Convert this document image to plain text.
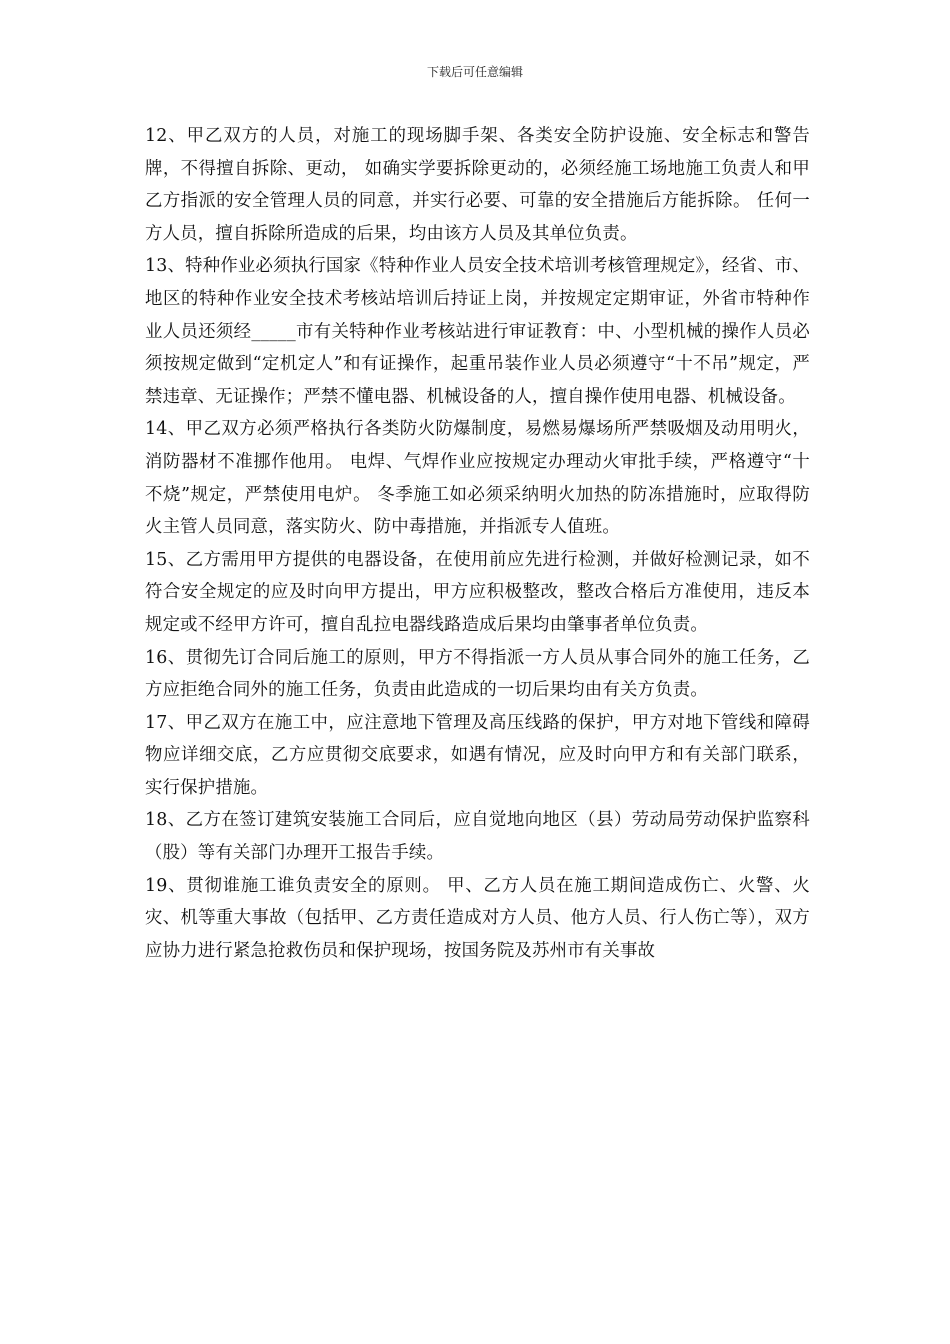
下载后可任意编辑

12、甲乙双方的人员，对施工的现场脚手架、各类安全防护设施、安全标志和警告牌，不得擅自拆除、更动， 如确实学要拆除更动的，必须经施工场地施工负责人和甲乙方指派的安全管理人员的同意，并实行必要、可靠的安全措施后方能拆除。 任何一方人员，擅自拆除所造成的后果，均由该方人员及其单位负责。

13、特种作业必须执行国家《特种作业人员安全技术培训考核管理规定》，经省、市、地区的特种作业安全技术考核站培训后持证上岗，并按规定定期审证，外省市特种作业人员还须经_____市有关特种作业考核站进行审证教育：中、小型机械的操作人员必须按规定做到“定机定人”和有证操作，起重吊装作业人员必须遵守“十不吊”规定，严禁违章、无证操作；严禁不懂电器、机械设备的人，擅自操作使用电器、机械设备。

14、甲乙双方必须严格执行各类防火防爆制度，易燃易爆场所严禁吸烟及动用明火，消防器材不准挪作他用。 电焊、气焊作业应按规定办理动火审批手续，严格遵守“十不烧”规定，严禁使用电炉。 冬季施工如必须采纳明火加热的防冻措施时，应取得防火主管人员同意，落实防火、防中毒措施，并指派专人值班。

15、乙方需用甲方提供的电器设备，在使用前应先进行检测，并做好检测记录，如不符合安全规定的应及时向甲方提出，甲方应积极整改，整改合格后方准使用，违反本规定或不经甲方许可，擅自乱拉电器线路造成后果均由肇事者单位负责。

16、贯彻先订合同后施工的原则，甲方不得指派一方人员从事合同外的施工任务，乙方应拒绝合同外的施工任务，负责由此造成的一切后果均由有关方负责。

17、甲乙双方在施工中，应注意地下管理及高压线路的保护，甲方对地下管线和障碍物应详细交底，乙方应贯彻交底要求，如遇有情况，应及时向甲方和有关部门联系，实行保护措施。

18、乙方在签订建筑安装施工合同后，应自觉地向地区（县）劳动局劳动保护监察科（股）等有关部门办理开工报告手续。

19、贯彻谁施工谁负责安全的原则。 甲、乙方人员在施工期间造成伤亡、火警、火灾、机等重大事故（包括甲、乙方责任造成对方人员、他方人员、行人伤亡等），双方应协力进行紧急抢救伤员和保护现场，按国务院及苏州市有关事故
